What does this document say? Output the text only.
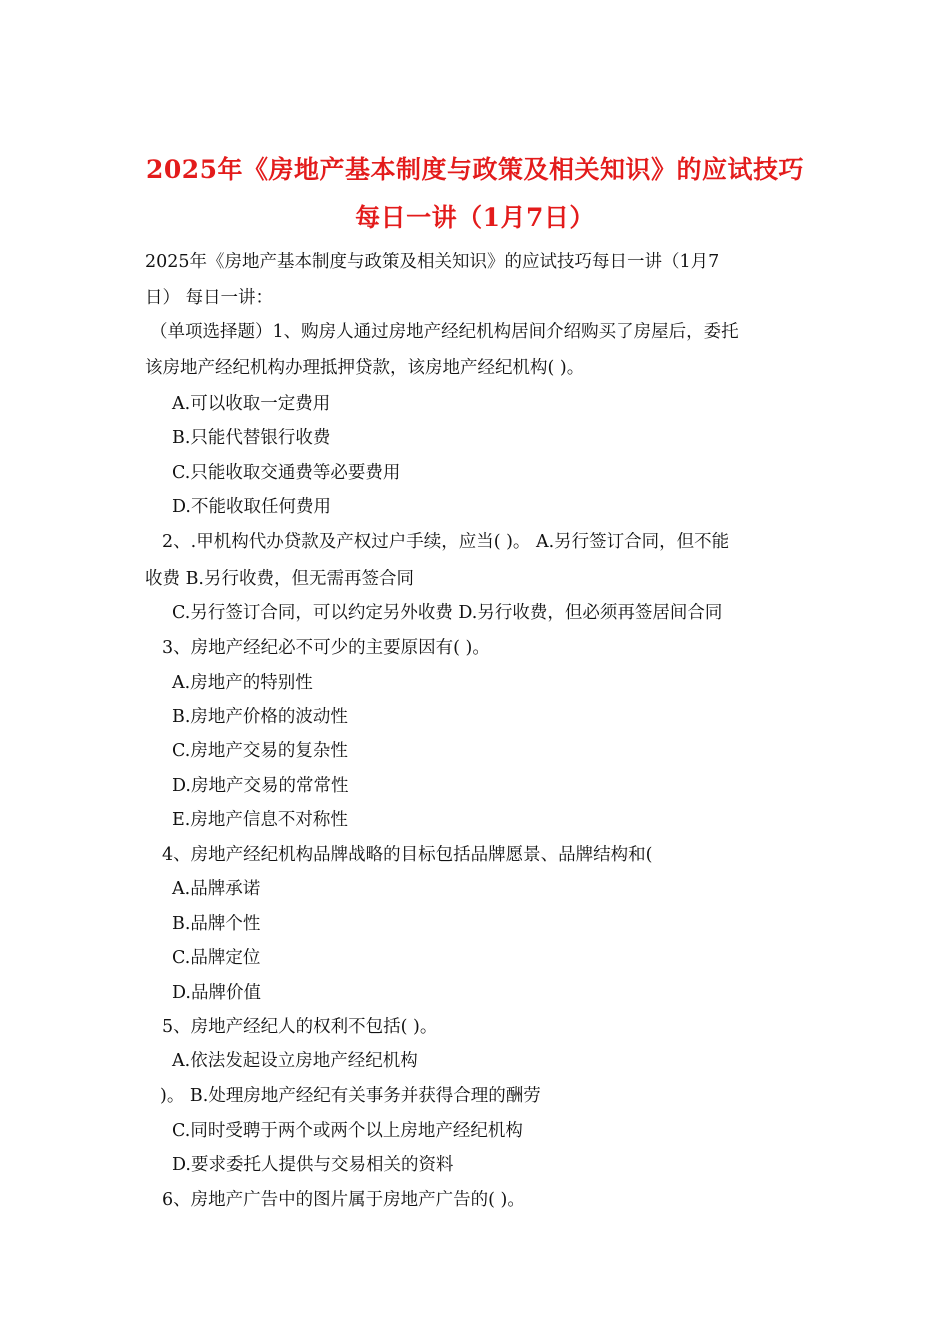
2025年《房地产基本制度与政策及相关知识》的应试技巧
每日一讲（1月7日）
2025年《房地产基本制度与政策及相关知识》的应试技巧每日一讲（1月7
日） 每日一讲：
（单项选择题）1、购房人通过房地产经纪机构居间介绍购买了房屋后，委托
该房地产经纪机构办理抵押贷款，该房地产经纪机构( )。
A.可以收取一定费用
B.只能代替银行收费
C.只能收取交通费等必要费用
D.不能收取任何费用
2、.甲机构代办贷款及产权过户手续，应当( )。 A.另行签订合同，但不能
收费 B.另行收费，但无需再签合同
C.另行签订合同，可以约定另外收费 D.另行收费，但必须再签居间合同
3、房地产经纪必不可少的主要原因有( )。
A.房地产的特别性
B.房地产价格的波动性
C.房地产交易的复杂性
D.房地产交易的常常性
E.房地产信息不对称性
4、房地产经纪机构品牌战略的目标包括品牌愿景、品牌结构和(
A.品牌承诺
B.品牌个性
C.品牌定位
D.品牌价值
5、房地产经纪人的权利不包括( )。
A.依法发起设立房地产经纪机构
)。 B.处理房地产经纪有关事务并获得合理的酬劳
C.同时受聘于两个或两个以上房地产经纪机构
D.要求委托人提供与交易相关的资料
6、房地产广告中的图片属于房地产广告的( )。
